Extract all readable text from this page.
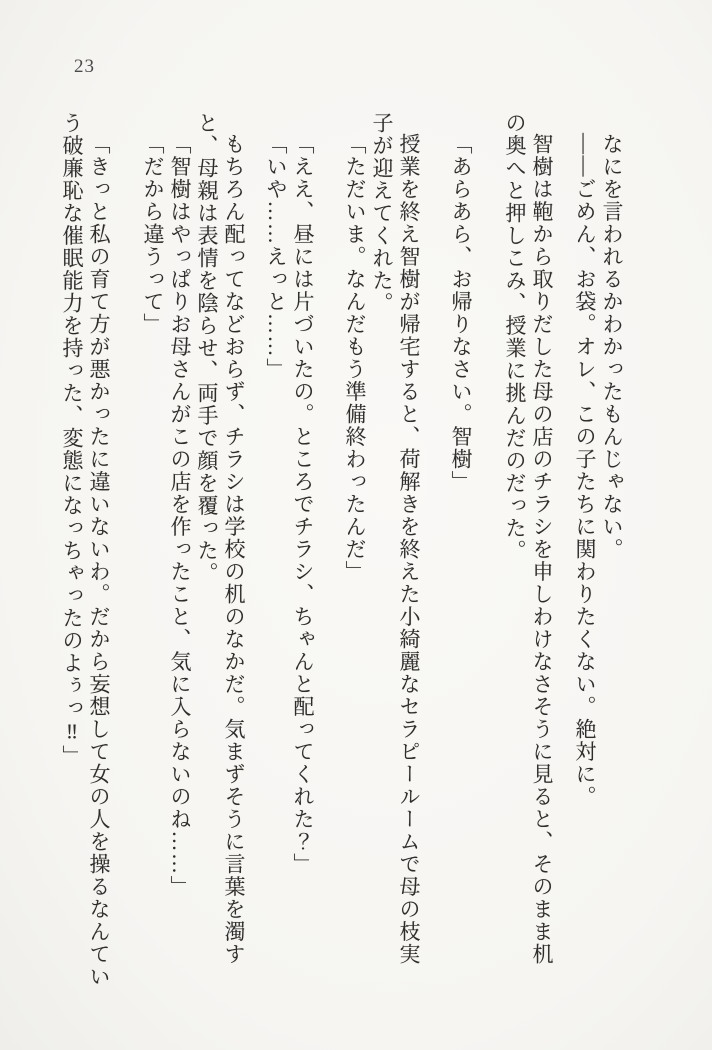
23

なにを言われるかわかったもんじゃない。

――ごめん、お袋。オレ、この子たちに関わりたくない。絶対に。

智樹は鞄から取りだした母の店のチラシを申しわけなさそうに見ると、そのまま机
の奥へと押しこみ、授業に挑んだのだった。

「あらあら、お帰りなさい。智樹」

授業を終え智樹が帰宅すると、荷解きを終えた小綺麗なセラピールームで母の枝実
子が迎えてくれた。

「ただいま。なんだもう準備終わったんだ」

「ええ、昼には片づいたの。ところでチラシ、ちゃんと配ってくれた？」

「いや……えっと……」

もちろん配ってなどおらず、チラシは学校の机のなかだ。気まずそうに言葉を濁す
と、母親は表情を陰らせ、両手で顔を覆った。

「智樹はやっぱりお母さんがこの店を作ったこと、気に入らないのね……」

「だから違うって」

「きっと私の育て方が悪かったに違いないわ。だから妄想して女の人を操るなんてい
う破廉恥な催眠能力を持った、変態になっちゃったのよぅっ‼」
